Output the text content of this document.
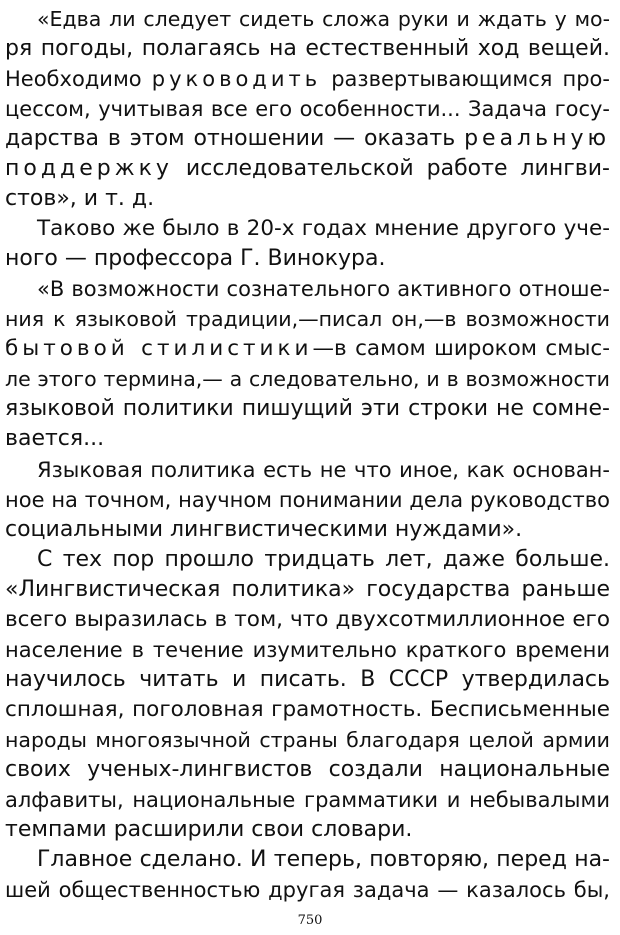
«Едва ли следует сидеть сложа руки и ждать у мо-
ря погоды, полагаясь на естественный ход вещей.
Необходимо руководить развертывающимся про-
цессом, учитывая все его особенности... Задача госу-
дарства в этом отношении — оказать реальную
поддержку исследовательской работе лингви-
стов», и т. д.
Таково же было в 20-х годах мнение другого уче-
ного — профессора Г. Винокура.
«В возможности сознательного активного отноше-
ния к языковой традиции,—писал он,—в возможности
бытовой стилистики—в самом широком смыс-
ле этого термина,— а следовательно, и в возможности
языковой политики пишущий эти строки не сомне-
вается...
Языковая политика есть не что иное, как основан-
ное на точном, научном понимании дела руководство
социальными лингвистическими нуждами».
С тех пор прошло тридцать лет, даже больше.
«Лингвистическая политика» государства раньше
всего выразилась в том, что двухсотмиллионное его
население в течение изумительно краткого времени
научилось читать и писать. В СССР утвердилась
сплошная, поголовная грамотность. Бесписьменные
народы многоязычной страны благодаря целой армии
своих ученых-лингвистов создали национальные
алфавиты, национальные грамматики и небывалыми
темпами расширили свои словари.
Главное сделано. И теперь, повторяю, перед на-
шей общественностью другая задача — казалось бы,
750
